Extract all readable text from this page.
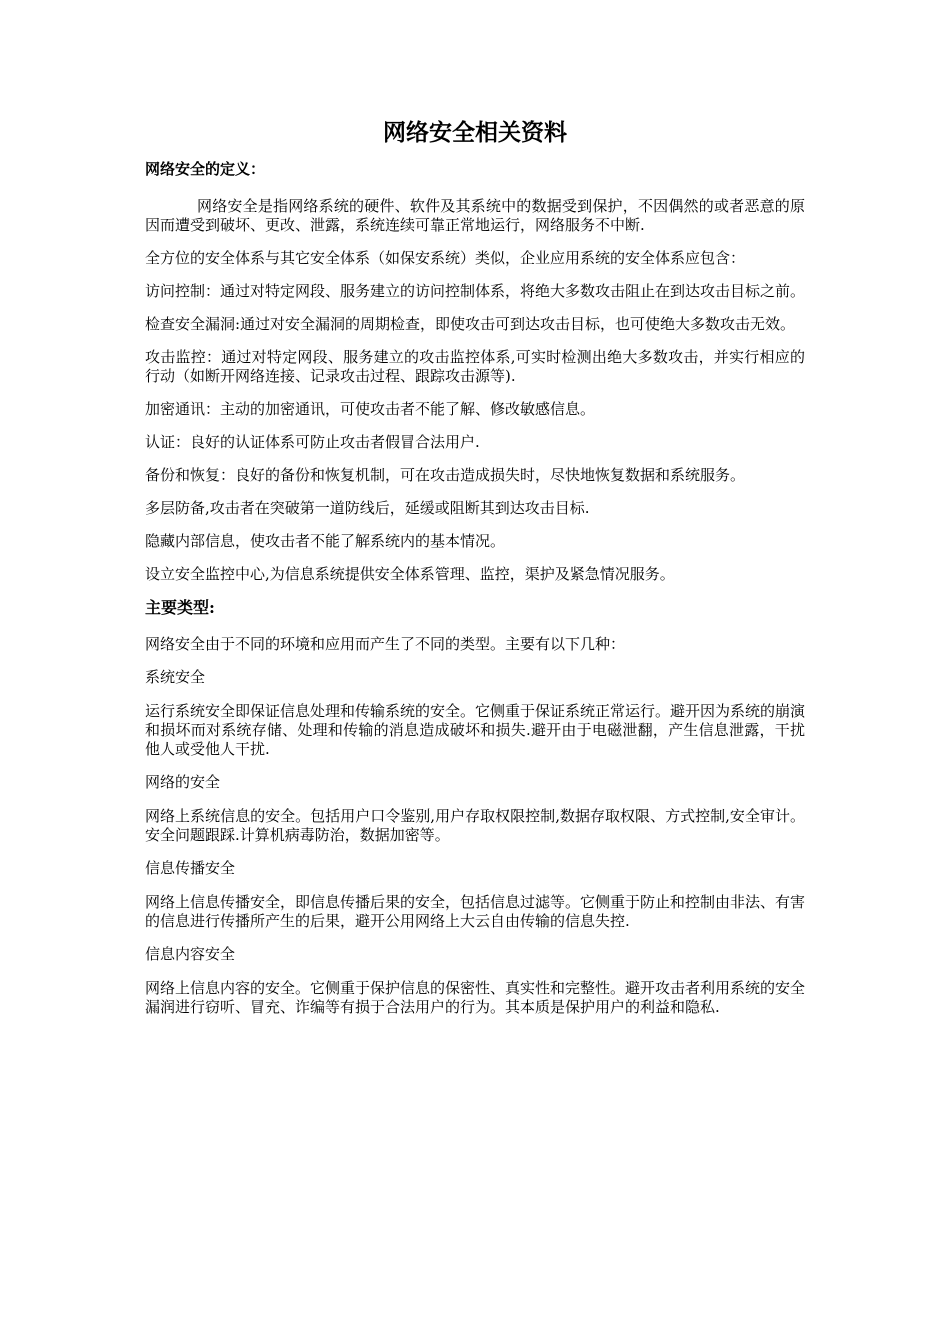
网络安全相关资料
网络安全的定义：
网络安全是指网络系统的硬件、软件及其系统中的数据受到保护，不因偶然的或者恶意的原因而遭受到破坏、更改、泄露，系统连续可靠正常地运行，网络服务不中断.
全方位的安全体系与其它安全体系（如保安系统）类似，企业应用系统的安全体系应包含：
访问控制：通过对特定网段、服务建立的访问控制体系，将绝大多数攻击阻止在到达攻击目标之前。
检查安全漏洞:通过对安全漏洞的周期检查，即使攻击可到达攻击目标，也可使绝大多数攻击无效。
攻击监控：通过对特定网段、服务建立的攻击监控体系,可实时检测出绝大多数攻击，并实行相应的行动（如断开网络连接、记录攻击过程、跟踪攻击源等).
加密通讯：主动的加密通讯，可使攻击者不能了解、修改敏感信息。
认证：良好的认证体系可防止攻击者假冒合法用户.
备份和恢复：良好的备份和恢复机制，可在攻击造成损失时，尽快地恢复数据和系统服务。
多层防备,攻击者在突破第一道防线后，延缓或阻断其到达攻击目标.
隐藏内部信息，使攻击者不能了解系统内的基本情况。
设立安全监控中心,为信息系统提供安全体系管理、监控，渠护及紧急情况服务。
主要类型:
网络安全由于不同的环境和应用而产生了不同的类型。主要有以下几种：
系统安全
运行系统安全即保证信息处理和传输系统的安全。它侧重于保证系统正常运行。避开因为系统的崩演和损坏而对系统存储、处理和传输的消息造成破坏和损失.避开由于电磁泄翻，产生信息泄露，干扰他人或受他人干扰.
网络的安全
网络上系统信息的安全。包括用户口令鉴别,用户存取权限控制,数据存取权限、方式控制,安全审计。安全问题跟踩.计算机病毒防治，数据加密等。
信息传播安全
网络上信息传播安全，即信息传播后果的安全，包括信息过滤等。它侧重于防止和控制由非法、有害的信息进行传播所产生的后果，避开公用网络上大云自由传输的信息失控.
信息内容安全
网络上信息内容的安全。它侧重于保护信息的保密性、真实性和完整性。避开攻击者利用系统的安全漏润进行窃听、冒充、诈编等有损于合法用户的行为。其本质是保护用户的利益和隐私.
